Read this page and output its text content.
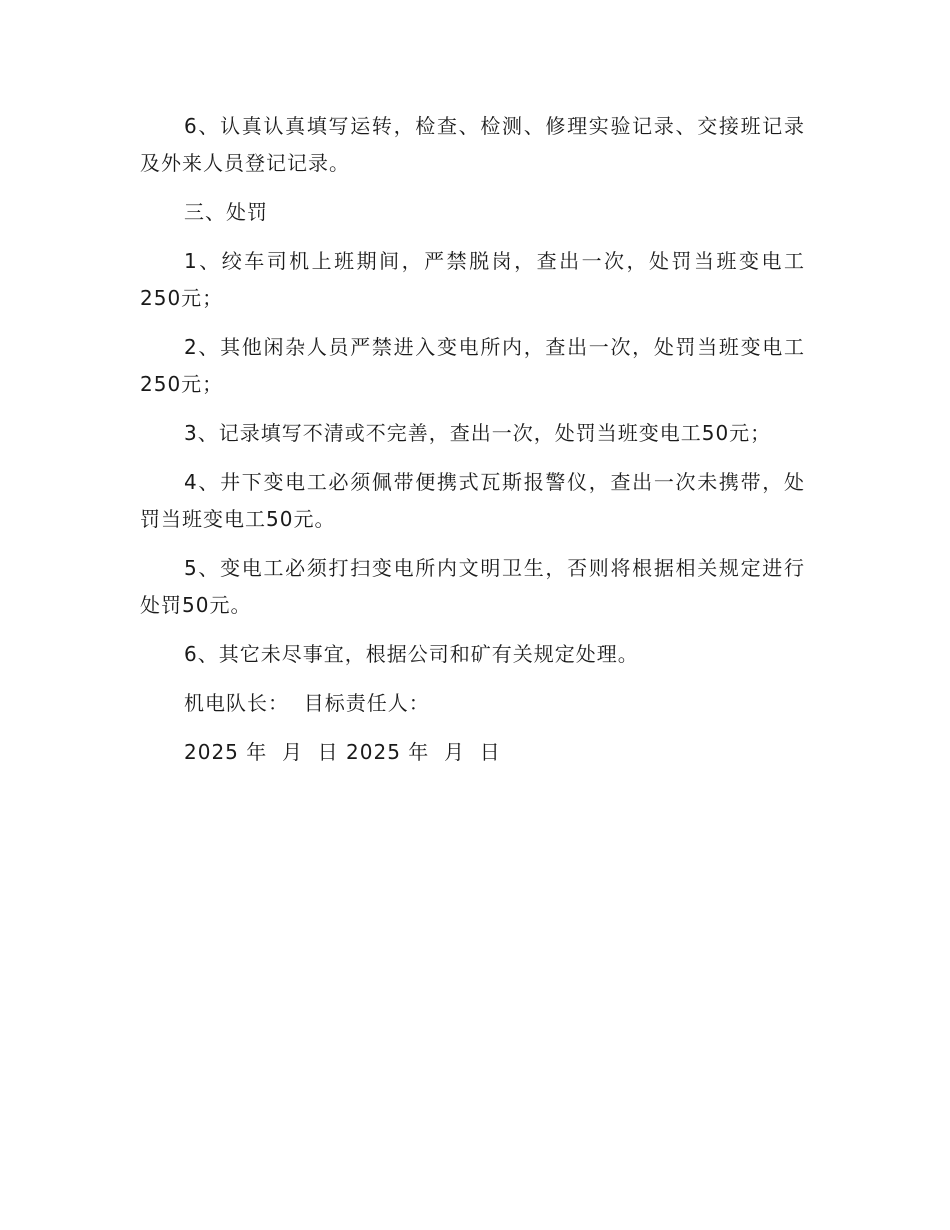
6、认真认真填写运转，检查、检测、修理实验记录、交接班记录及外来人员登记记录。

三、处罚

1、绞车司机上班期间，严禁脱岗，查出一次，处罚当班变电工250元；

2、其他闲杂人员严禁进入变电所内，查出一次，处罚当班变电工250元；

3、记录填写不清或不完善，查出一次，处罚当班变电工50元；

4、井下变电工必须佩带便携式瓦斯报警仪，查出一次未携带，处罚当班变电工50元。

5、变电工必须打扫变电所内文明卫生，否则将根据相关规定进行处罚50元。

6、其它未尽事宜，根据公司和矿有关规定处理。

机电队长：  目标责任人：

2025 年  月  日 2025 年  月  日
